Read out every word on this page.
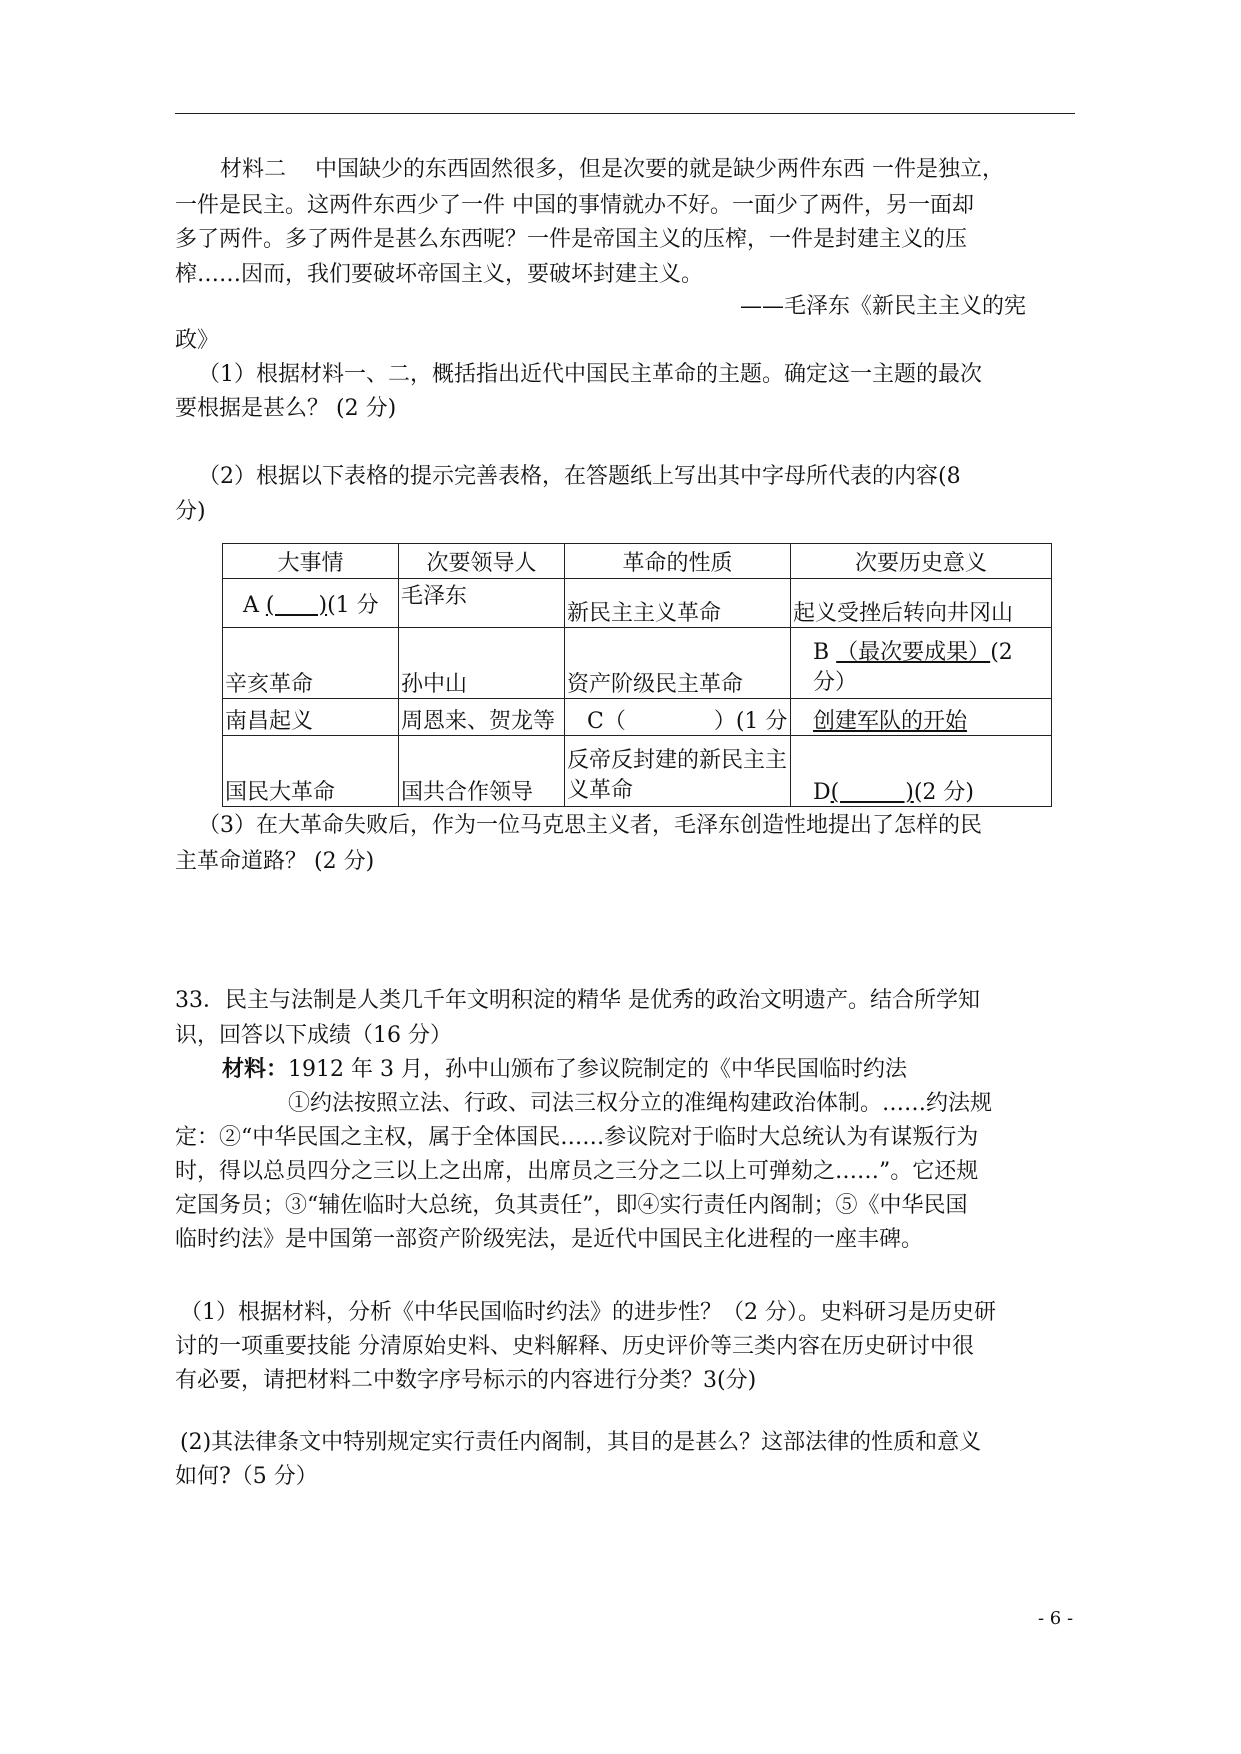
材料二　 中国缺少的东西固然很多，但是次要的就是缺少两件东西 一件是独立，
一件是民主。这两件东西少了一件 中国的事情就办不好。一面少了两件，另一面却
多了两件。多了两件是甚么东西呢？一件是帝国主义的压榨，一件是封建主义的压
榨……因而，我们要破坏帝国主义，要破坏封建主义。
——毛泽东《新民主主义的宪
政》
（1）根据材料一、二，概括指出近代中国民主革命的主题。确定这一主题的最次
要根据是甚么？ (2 分)
（2）根据以下表格的提示完善表格，在答题纸上写出其中字母所代表的内容(8
分)
大事情	次要领导人	革命的性质	次要历史意义
A (　　)(1 分	毛泽东	新民主主义革命	起义受挫后转向井冈山
辛亥革命	孙中山	资产阶级民主革命	B （最次要成果）(2 分）
南昌起义	周恩来、贺龙等	C（　　　　）(1 分	创建军队的开始
国民大革命	国共合作领导	反帝反封建的新民主主义革命	D(　　　)(2 分)
（3）在大革命失败后，作为一位马克思主义者，毛泽东创造性地提出了怎样的民
主革命道路？ (2 分)
33．民主与法制是人类几千年文明积淀的精华 是优秀的政治文明遗产。结合所学知
识，回答以下成绩（16 分）
材料：1912 年 3 月，孙中山颁布了参议院制定的《中华民国临时约法
①约法按照立法、行政、司法三权分立的准绳构建政治体制。……约法规
定：②“中华民国之主权，属于全体国民……参议院对于临时大总统认为有谋叛行为
时，得以总员四分之三以上之出席，出席员之三分之二以上可弹劾之……”。它还规
定国务员；③“辅佐临时大总统，负其责任”，即④实行责任内阁制；⑤《中华民国
临时约法》是中国第一部资产阶级宪法，是近代中国民主化进程的一座丰碑。
（1）根据材料，分析《中华民国临时约法》的进步性？（2 分）。史料研习是历史研
讨的一项重要技能 分清原始史料、史料解释、历史评价等三类内容在历史研讨中很
有必要，请把材料二中数字序号标示的内容进行分类？3(分)
(2)其法律条文中特别规定实行责任内阁制，其目的是甚么？这部法律的性质和意义
如何?（5 分）
- 6 -
